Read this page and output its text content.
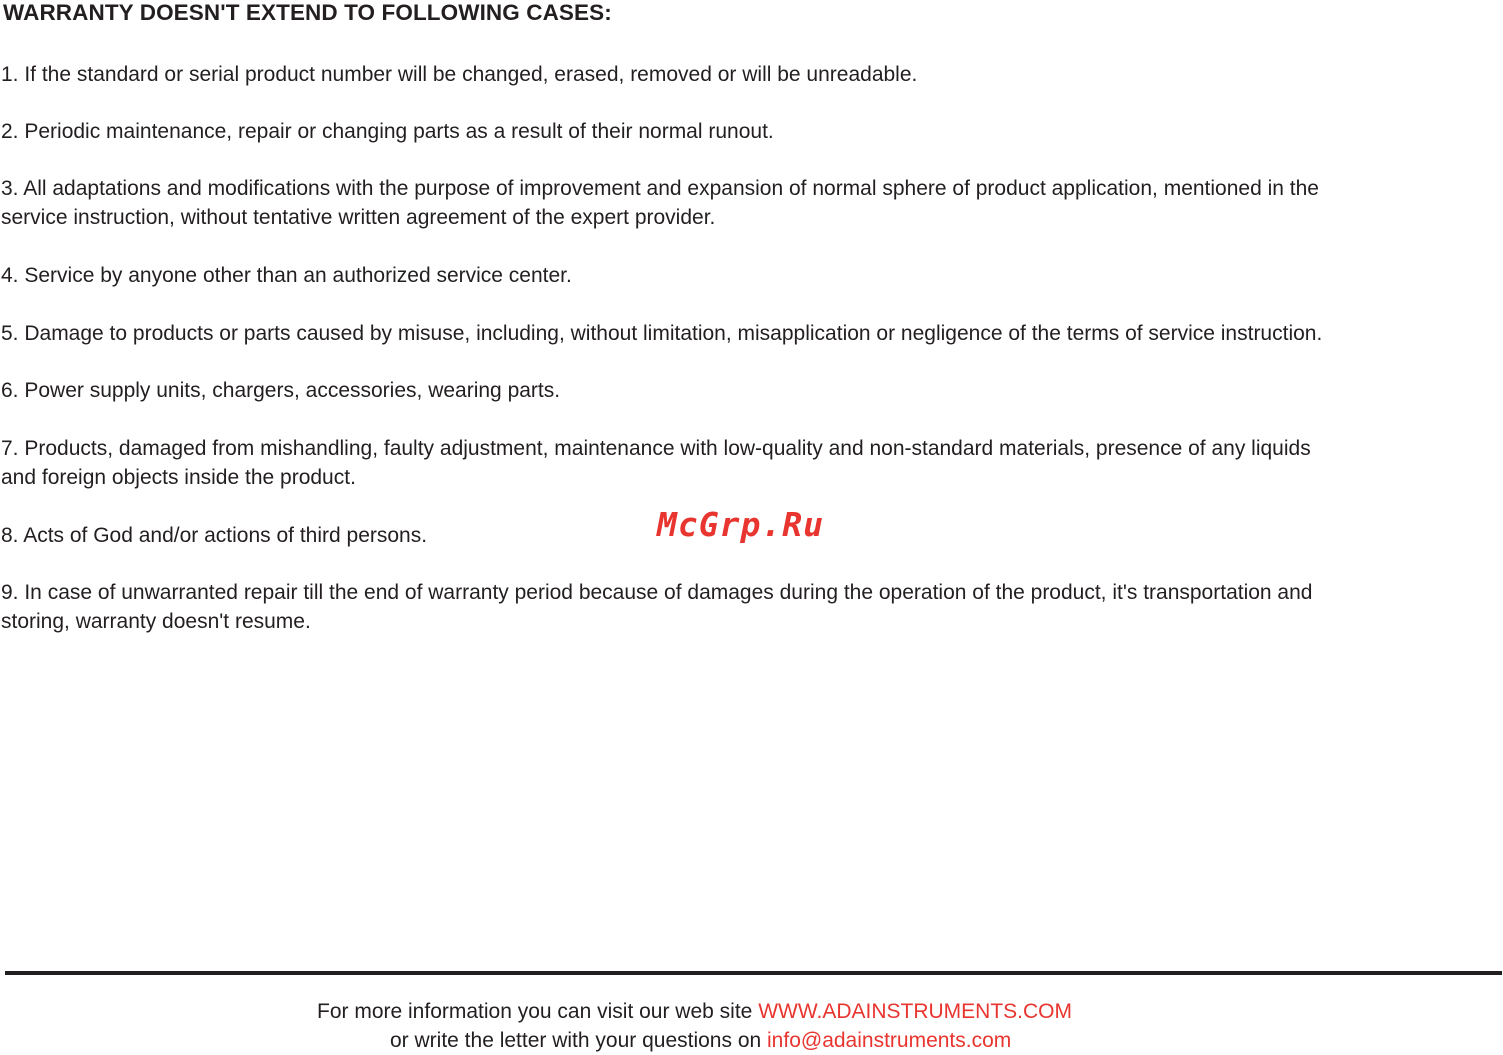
WARRANTY DOESN'T EXTEND TO FOLLOWING CASES:

1. If the standard or serial product number will be changed, erased, removed or will be unreadable.

2. Periodic maintenance, repair or changing parts as a result of their normal runout.

3. All adaptations and modifications with the purpose of improvement and expansion of normal sphere of product application, mentioned in the
service instruction, without tentative written agreement of the expert provider.

4. Service by anyone other than an authorized service center.

5. Damage to products or parts caused by misuse, including, without limitation, misapplication or negligence of the terms of service instruction.

6. Power supply units, chargers, accessories, wearing parts.

7. Products, damaged from mishandling, faulty adjustment, maintenance with low-quality and non-standard materials, presence of any liquids
and foreign objects inside the product.

8. Acts of God and/or actions of third persons.	McGrp.Ru

9. In case of unwarranted repair till the end of warranty period because of damages during the operation of the product, it's transportation and
storing, warranty doesn't resume.

For more information you can visit our web site WWW.ADAINSTRUMENTS.COM
or write the letter with your questions on info@adainstruments.com
